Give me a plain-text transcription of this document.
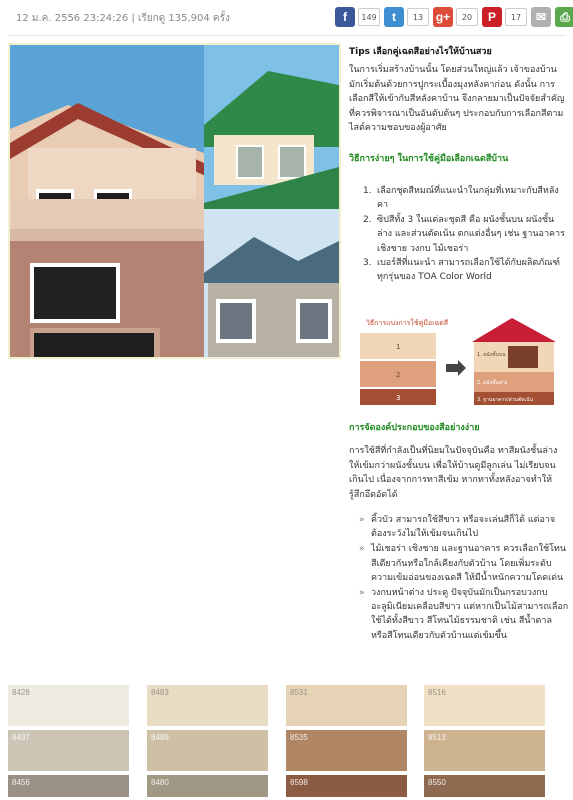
12 ม.ค. 2556 23:24:26 | เรียกดู 135,904 ครั้ง	f	149	t	13	g+	20	P	17	✉	⎙
Tips เลือกคู่เฉดสีอย่างไรให้บ้านสวย
ในการเริ่มสร้างบ้านนั้น โดยส่วนใหญ่แล้ว เจ้าของบ้านมักเริ่มต้นด้วยการปูกระเบื้องมุงหลังคาก่อน ดังนั้น การเลือกสีให้เข้ากับสีหลังคาบ้าน จึงกลายมาเป็นปัจจัยสำคัญที่ควรพิจารณาเป็นอันดับต้นๆ ประกอบกับการเลือกสีตามไสต์ความชอบของผู้อาศัย
วิธีการง่ายๆ ในการใช้คู่มือเลือกเฉดสีบ้าน
1. เลือกชุดสีหมณ์ที่แนะนำในกลุ่มที่เหมาะกับสีหลังคา
2. ซิปสีทั้ง 3 ในแต่ละชุดสี คือ ผนังชั้นบน ผนังชั้นล่าง และส่วนตัดเน้น ตกแต่งอื่นๆ เช่น ฐานอาคาร เชิงชาย วงกบ ไม้เชอร่า
3. เบอร์สีที่แนะนำ สามารถเลือกใช้ได้กับผลิตภัณฑ์ทุกรุ่นของ TOA Color World
วิธีการแบ่งการใช้คู่มือเฉดสี
1
2
3
1. ผนังชั้นบน
2. ผนังชั้นล่าง
3. ฐานอาคาร/ส่วนตัดเน้น
การจัดองค์ประกอบของสีอย่างง่าย
การใช้สีที่กำลังเป็นที่นิยมในปัจจุบันคือ ทาสีผนังชั้นล่างให้เข้มกว่าผนังชั้นบน เพื่อให้บ้านดูมีลูกเล่น ไม่เรียบจนเกินไป เนื่องจากการทาสีเข้ม หากทาทั้งหลังอาจทำให้รู้สึกอึดอัดได้
» คิ้วบัว สามารถใช้สีขาว หรือจะเล่นสีก็ได้ แต่อาจต้องระวังไม่ให้เข้มจนเกินไป
» ไม้เชอร่า เชิงชาย และฐานอาคาร ควรเลือกใช้โทนสีเดียวกันหรือใกล้เคียงกับตัวบ้าน โดยเพิ่มระดับความเข้มอ่อนของเฉดสี ให้มีน้ำหนักความโดดเด่น
» วงกบหน้าต่าง ประตู ปัจจุบันมักเป็นกรอบวงกบอะลูมิเนียมเคลือบสีขาว แต่หากเป็นไม้สามารถเลือกใช้ได้ทั้งสีขาว สีโทนไม้ธรรมชาติ เช่น สีน้ำตาล หรือสีโทนเดียวกับตัวบ้านแต่เข้มขึ้น
8428	8483	8531	8516
8497	8489	8535	8513
8456	8480	8598	8550
